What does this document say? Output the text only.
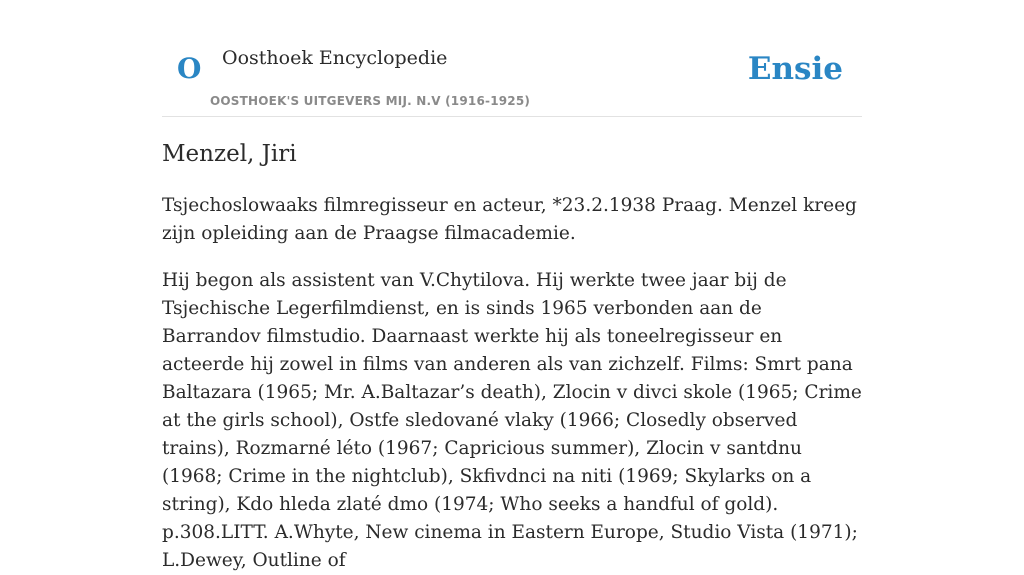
O Oosthoek Encyclopedie
OOSTHOEK'S UITGEVERS MIJ. N.V (1916-1925)
Ensie
Menzel, Jiri

Tsjechoslowaaks filmregisseur en acteur, *23.2.1938 Praag. Menzel kreeg zijn opleiding aan de Praagse filmacademie.

Hij begon als assistent van V.Chytilova. Hij werkte twee jaar bij de Tsjechische Legerfilmdienst, en is sinds 1965 verbonden aan de Barrandov filmstudio. Daarnaast werkte hij als toneelregisseur en acteerde hij zowel in films van anderen als van zichzelf. Films: Smrt pana Baltazara (1965; Mr. A.Baltazar’s death), Zlocin v divci skole (1965; Crime at the girls school), Ostfe sledované vlaky (1966; Closedly observed trains), Rozmarné léto (1967; Capricious summer), Zlocin v santdnu (1968; Crime in the nightclub), Skfivdnci na niti (1969; Skylarks on a string), Kdo hleda zlaté dmo (1974; Who seeks a handful of gold). p.308.LITT. A.Whyte, New cinema in Eastern Europe, Studio Vista (1971); L.Dewey, Outline of
